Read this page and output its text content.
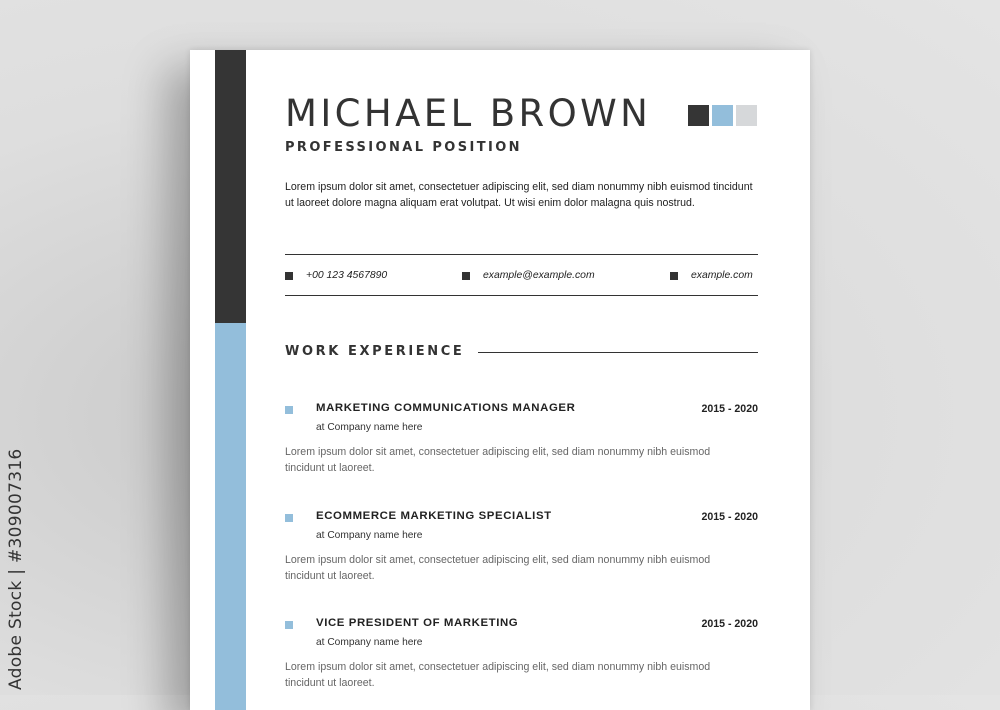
Adobe Stock | #309007316
MICHAEL BROWN
PROFESSIONAL POSITION
Lorem ipsum dolor sit amet, consectetuer adipiscing elit, sed diam nonummy nibh euismod tincidunt ut laoreet dolore magna aliquam erat volutpat. Ut wisi enim dolor malagna quis nostrud.
+00 123 4567890	example@example.com	example.com
WORK EXPERIENCE
MARKETING COMMUNICATIONS MANAGER	2015 - 2020
at Company name here
Lorem ipsum dolor sit amet, consectetuer adipiscing elit, sed diam nonummy nibh euismod tincidunt ut laoreet.
ECOMMERCE MARKETING SPECIALIST	2015 - 2020
at Company name here
Lorem ipsum dolor sit amet, consectetuer adipiscing elit, sed diam nonummy nibh euismod tincidunt ut laoreet.
VICE PRESIDENT OF MARKETING	2015 - 2020
at Company name here
Lorem ipsum dolor sit amet, consectetuer adipiscing elit, sed diam nonummy nibh euismod tincidunt ut laoreet.
